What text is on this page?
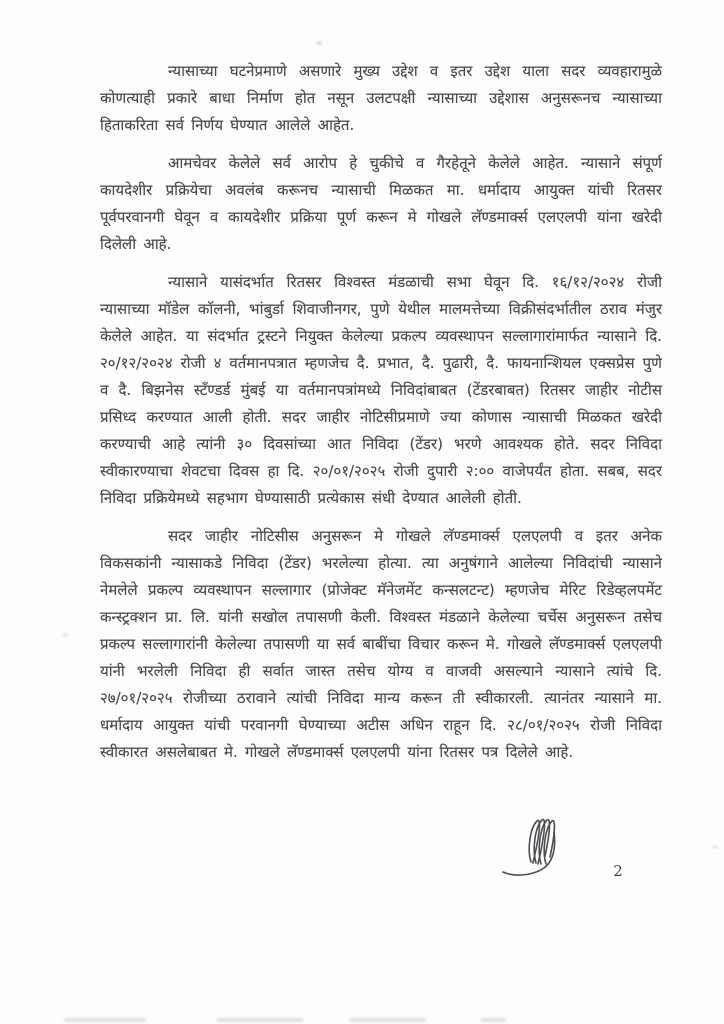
न्यासाच्या घटनेप्रमाणे असणारे मुख्य उद्देश व इतर उद्देश याला सदर व्यवहारामुळे कोणत्याही प्रकारे बाधा निर्माण होत नसून उलटपक्षी न्यासाच्या उद्देशास अनुसरूनच न्यासाच्या हिताकरिता सर्व निर्णय घेण्यात आलेले आहेत.

आमचेवर केलेले सर्व आरोप हे चुकीचे व गैरहेतूने केलेले आहेत. न्यासाने संपूर्ण कायदेशीर प्रक्रियेचा अवलंब करूनच न्यासाची मिळकत मा. धर्मादाय आयुक्त यांची रितसर पूर्वपरवानगी घेवून व कायदेशीर प्रक्रिया पूर्ण करून मे गोखले लॅण्डमार्क्स एलएलपी यांना खरेदी दिलेली आहे.

न्यासाने यासंदर्भात रितसर विश्वस्त मंडळाची सभा घेवून दि. १६/१२/२०२४ रोजी न्यासाच्या मॉडेल कॉलनी, भांबुर्डा शिवाजीनगर, पुणे येथील मालमत्तेच्या विक्रीसंदर्भातील ठराव मंजुर केलेले आहेत. या संदर्भात ट्रस्टने नियुक्त केलेल्या प्रकल्प व्यवस्थापन सल्लागारांमार्फत न्यासाने दि. २०/१२/२०२४ रोजी ४ वर्तमानपत्रात म्हणजेच दै. प्रभात, दै. पुढारी, दै. फायनान्शियल एक्सप्रेस पुणे व दै. बिझनेस स्टँण्डर्ड मुंबई या वर्तमानपत्रांमध्ये निविदांबाबत (टेंडरबाबत) रितसर जाहीर नोटीस प्रसिध्द करण्यात आली होती. सदर जाहीर नोटिसीप्रमाणे ज्या कोणास न्यासाची मिळकत खरेदी करण्याची आहे त्यांनी ३० दिवसांच्या आत निविदा (टेंडर) भरणे आवश्यक होते. सदर निविदा स्वीकारण्याचा शेवटचा दिवस हा दि. २०/०१/२०२५ रोजी दुपारी २:०० वाजेपर्यंत होता. सबब, सदर निविदा प्रक्रियेमध्ये सहभाग घेण्यासाठी प्रत्येकास संधी देण्यात आलेली होती.

सदर जाहीर नोटिसीस अनुसरून मे गोखले लॅण्डमार्क्स एलएलपी व इतर अनेक विकसकांनी न्यासाकडे निविदा (टेंडर) भरलेल्या होत्या. त्या अनुषंगाने आलेल्या निविदांची न्यासाने नेमलेले प्रकल्प व्यवस्थापन सल्लागार (प्रोजेक्ट मॅनेजमेंट कन्सलटन्ट) म्हणजेच मेरिट रिडेव्हलपमेंट कन्स्ट्रक्शन प्रा. लि. यांनी सखोल तपासणी केली. विश्वस्त मंडळाने केलेल्या चर्चेस अनुसरून तसेच प्रकल्प सल्लागारांनी केलेल्या तपासणी या सर्व बाबींचा विचार करून मे. गोखले लॅण्डमार्क्स एलएलपी यांनी भरलेली निविदा ही सर्वात जास्त तसेच योग्य व वाजवी असल्याने न्यासाने त्यांचे दि. २७/०१/२०२५ रोजीच्या ठरावाने त्यांची निविदा मान्य करून ती स्वीकारली. त्यानंतर न्यासाने मा. धर्मादाय आयुक्त यांची परवानगी घेण्याच्या अटीस अधिन राहून दि. २८/०१/२०२५ रोजी निविदा स्वीकारत असलेबाबत मे. गोखले लॅण्डमार्क्स एलएलपी यांना रितसर पत्र दिलेले आहे.

2
